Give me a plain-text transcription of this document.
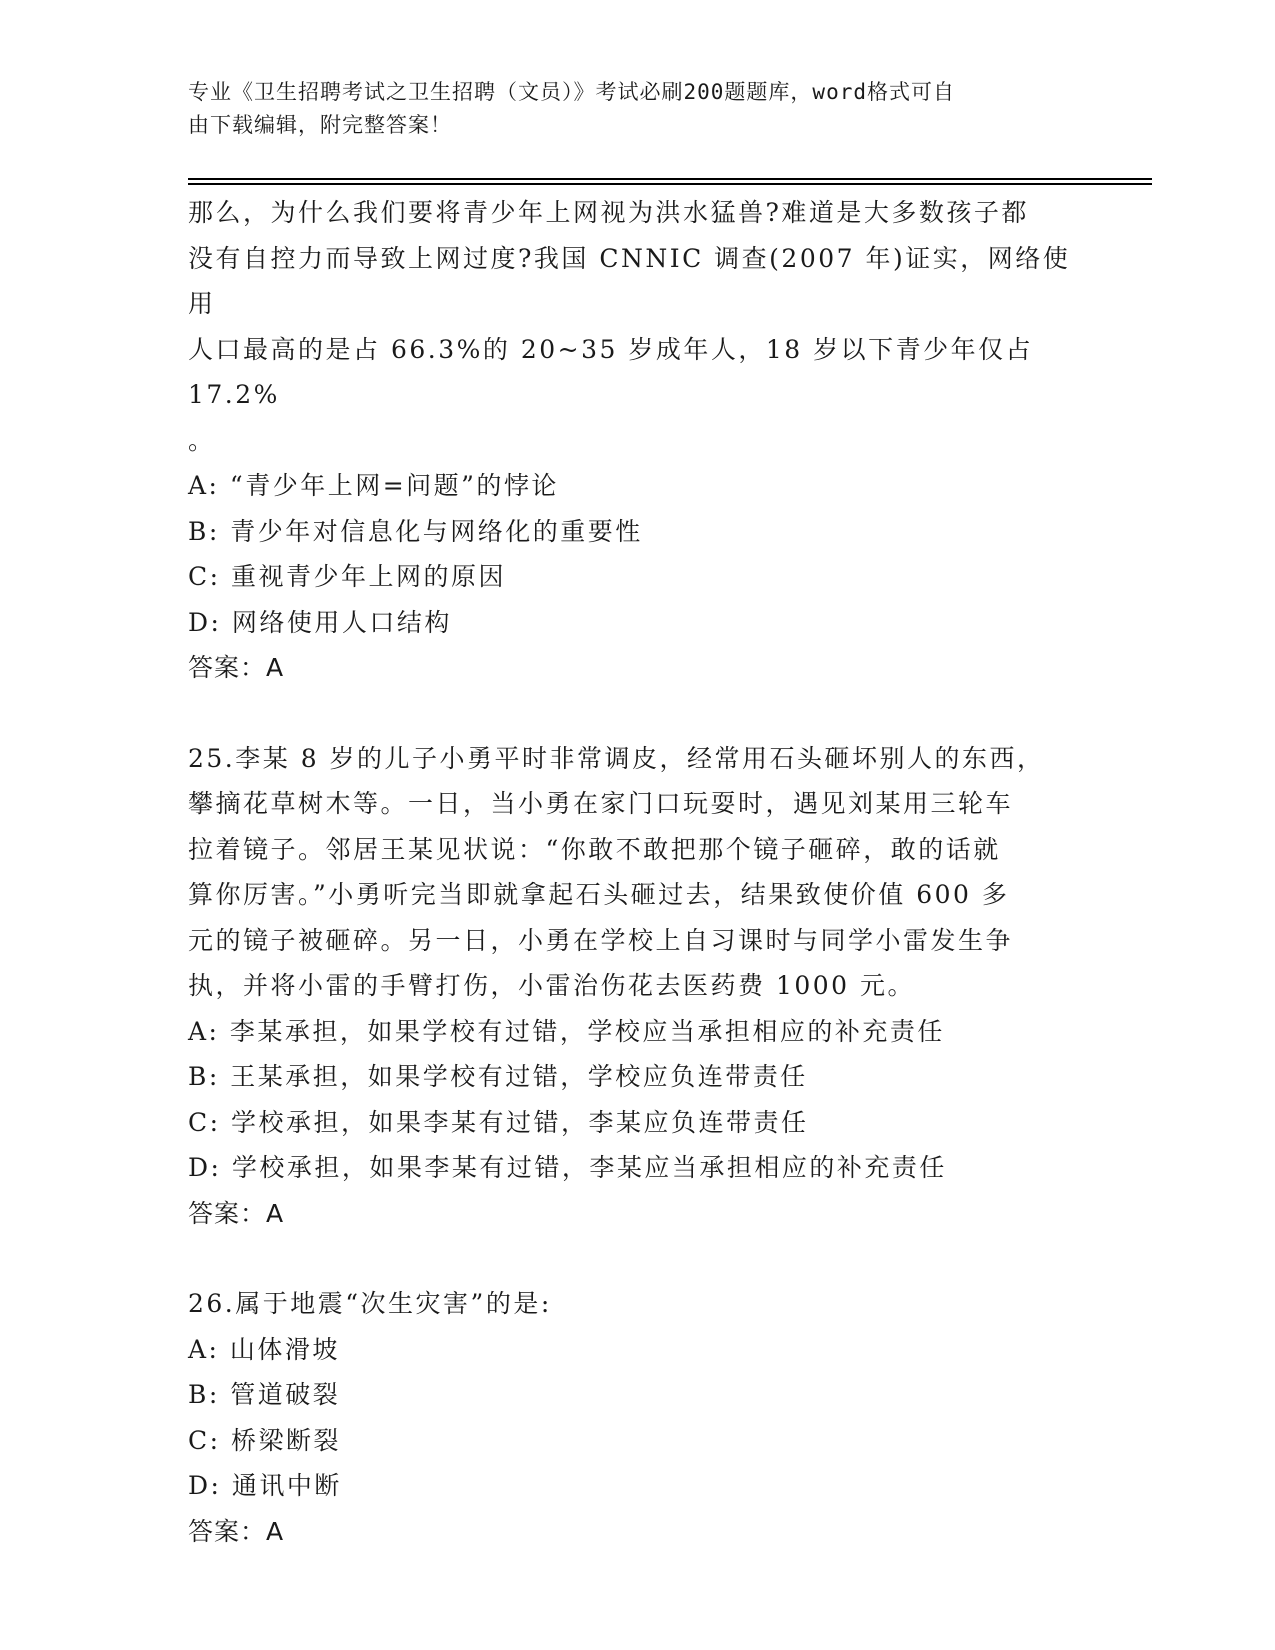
专业《卫生招聘考试之卫生招聘（文员）》考试必刷200题题库，word格式可自
由下载编辑，附完整答案！

那么，为什么我们要将青少年上网视为洪水猛兽?难道是大多数孩子都

没有自控力而导致上网过度?我国 CNNIC 调查(2007 年)证实，网络使用

人口最高的是占 66.3%的 20~35 岁成年人，18 岁以下青少年仅占 17.2%

。

A: “青少年上网=问题”的悖论

B: 青少年对信息化与网络化的重要性

C: 重视青少年上网的原因

D: 网络使用人口结构

答案：A

25.李某 8 岁的儿子小勇平时非常调皮，经常用石头砸坏别人的东西，

攀摘花草树木等。一日，当小勇在家门口玩耍时，遇见刘某用三轮车

拉着镜子。邻居王某见状说：“你敢不敢把那个镜子砸碎，敢的话就

算你厉害。”小勇听完当即就拿起石头砸过去，结果致使价值 600 多

元的镜子被砸碎。另一日，小勇在学校上自习课时与同学小雷发生争

执，并将小雷的手臂打伤，小雷治伤花去医药费 1000 元。

A: 李某承担，如果学校有过错，学校应当承担相应的补充责任

B: 王某承担，如果学校有过错，学校应负连带责任

C: 学校承担，如果李某有过错，李某应负连带责任

D: 学校承担，如果李某有过错，李某应当承担相应的补充责任

答案：A

26.属于地震“次生灾害”的是:

A: 山体滑坡

B: 管道破裂

C: 桥梁断裂

D: 通讯中断

答案：A
